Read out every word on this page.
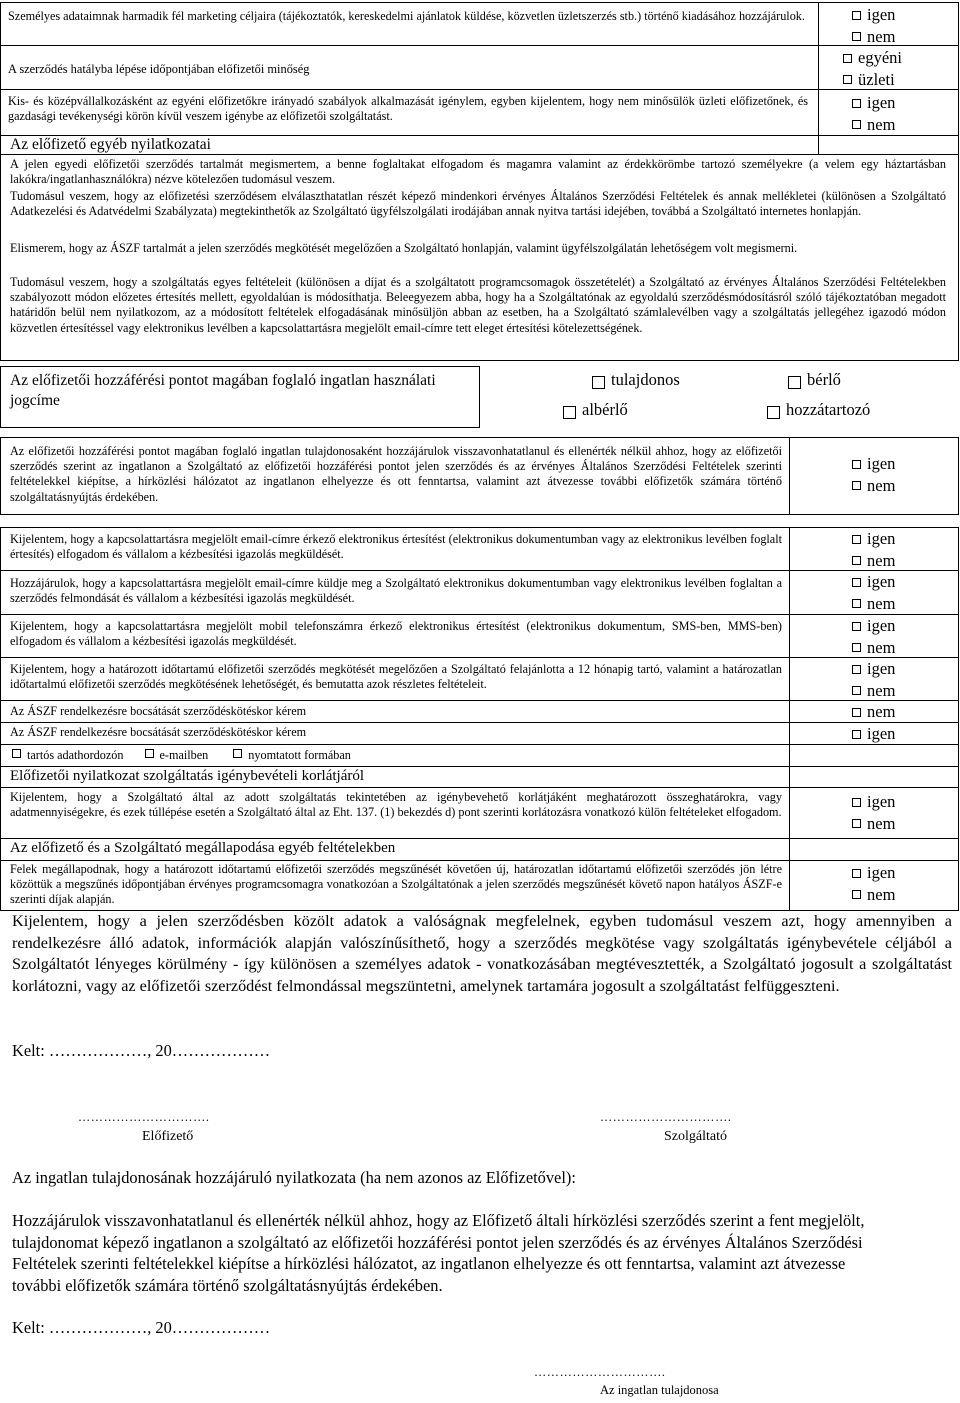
Személyes adataimnak harmadik fél marketing céljaira (tájékoztatók, kereskedelmi ajánlatok küldése, közvetlen üzletszerzés stb.) történő kiadásához hozzájárulok.	igen
nem
A szerződés hatályba lépése időpontjában előfizetői minőség
egyéni
üzleti
Kis- és középvállalkozásként az egyéni előfizetőkre irányadó szabályok alkalmazását igénylem, egyben kijelentem, hogy nem minősülök üzleti előfizetőnek, és gazdasági tevékenységi körön kívül veszem igénybe az előfizetői szolgáltatást.
igen
nem
Az előfizető egyéb nyilatkozatai
A jelen egyedi előfizetői szerződés tartalmát megismertem, a benne foglaltakat elfogadom és magamra valamint az érdekkörömbe tartozó személyekre (a velem egy háztartásban lakókra/ingatlanhasználókra) nézve kötelezően tudomásul veszem.
Tudomásul veszem, hogy az előfizetési szerződésem elválaszthatatlan részét képező mindenkori érvényes Általános Szerződési Feltételek és annak mellékletei (különösen a Szolgáltató Adatkezelési és Adatvédelmi Szabályzata) megtekinthetők az Szolgáltató ügyfélszolgálati irodájában annak nyitva tartási idejében, továbbá a Szolgáltató internetes honlapján.
Elismerem, hogy az ÁSZF tartalmát a jelen szerződés megkötését megelőzően a Szolgáltató honlapján, valamint ügyfélszolgálatán lehetőségem volt megismerni.
Tudomásul veszem, hogy a szolgáltatás egyes feltételeit (különösen a díjat és a szolgáltatott programcsomagok összetételét) a Szolgáltató az érvényes Általános Szerződési Feltételekben szabályozott módon előzetes értesítés mellett, egyoldalúan is módosíthatja. Beleegyezem abba, hogy ha a Szolgáltatónak az egyoldalú szerződésmódosításról szóló tájékoztatóban megadott határidőn belül nem nyilatkozom, az a módosított feltételek elfogadásának minősüljön abban az esetben, ha a Szolgáltató számlalevélben vagy a szolgáltatás jellegéhez igazodó módon közvetlen értesítéssel vagy elektronikus levélben a kapcsolattartásra megjelölt email-címre tett eleget értesítési kötelezettségének.
Az előfizetői hozzáférési pontot magában foglaló ingatlan használati jogcíme
tulajdonos	bérlő
albérlő	hozzátartozó
Az előfizetői hozzáférési pontot magában foglaló ingatlan tulajdonosaként hozzájárulok visszavonhatatlanul és ellenérték nélkül ahhoz, hogy az előfizetői szerződés szerint az ingatlanon a Szolgáltató az előfizetői hozzáférési pontot jelen szerződés és az érvényes Általános Szerződési Feltételek szerinti feltételekkel kiépítse, a hírközlési hálózatot az ingatlanon elhelyezze és ott fenntartsa, valamint azt átvezesse további előfizetők számára történő szolgáltatásnyújtás érdekében.
igen
nem
Kijelentem, hogy a kapcsolattartásra megjelölt email-címre érkező elektronikus értesítést (elektronikus dokumentumban vagy az elektronikus levélben foglalt értesítés) elfogadom és vállalom a kézbesítési igazolás megküldését.
igen
nem
Hozzájárulok, hogy a kapcsolattartásra megjelölt email-címre küldje meg a Szolgáltató elektronikus dokumentumban vagy elektronikus levélben foglaltan a szerződés felmondását és vállalom a kézbesítési igazolás megküldését.
igen
nem
Kijelentem, hogy a kapcsolattartásra megjelölt mobil telefonszámra érkező elektronikus értesítést (elektronikus dokumentum, SMS-ben, MMS-ben) elfogadom és vállalom a kézbesítési igazolás megküldését.
igen
nem
Kijelentem, hogy a határozott időtartamú előfizetői szerződés megkötését megelőzően a Szolgáltató felajánlotta a 12 hónapig tartó, valamint a határozatlan időtartalmú előfizetői szerződés megkötésének lehetőségét, és bemutatta azok részletes feltételeit.
igen
nem
Az ÁSZF rendelkezésre bocsátását szerződéskötéskor kérem	nem
Az ÁSZF rendelkezésre bocsátását szerződéskötéskor kérem	igen
tartós adathordozón	e-mailben	nyomtatott formában
Előfizetői nyilatkozat szolgáltatás igénybevételi korlátjáról
Kijelentem, hogy a Szolgáltató által az adott szolgáltatás tekintetében az igénybevehető korlátjáként meghatározott összeghatárokra, vagy adatmennyiségekre, és ezek túllépése esetén a Szolgáltató által az Eht. 137. (1) bekezdés d) pont szerinti korlátozásra vonatkozó külön feltételeket elfogadom.
igen
nem
Az előfizető és a Szolgáltató megállapodása egyéb feltételekben
Felek megállapodnak, hogy a határozott időtartamú előfizetői szerződés megszűnését követően új, határozatlan időtartamú előfizetői szerződés jön létre közöttük a megszűnés időpontjában érvényes programcsomagra vonatkozóan a Szolgáltatónak a jelen szerződés megszűnését követő napon hatályos ÁSZF-e szerinti díjak alapján.
igen
nem
Kijelentem, hogy a jelen szerződésben közölt adatok a valóságnak megfelelnek, egyben tudomásul veszem azt, hogy amennyiben a rendelkezésre álló adatok, információk alapján valószínűsíthető, hogy a szerződés megkötése vagy szolgáltatás igénybevétele céljából a Szolgáltatót lényeges körülmény - így különösen a személyes adatok - vonatkozásában megtévesztették, a Szolgáltató jogosult a szolgáltatást korlátozni, vagy az előfizetői szerződést felmondással megszüntetni, amelynek tartamára jogosult a szolgáltatást felfüggeszteni.
Kelt: ………………, 20………………
………………………….
Előfizető
………………………….
Szolgáltató
Az ingatlan tulajdonosának hozzájáruló nyilatkozata (ha nem azonos az Előfizetővel):
Hozzájárulok visszavonhatatlanul és ellenérték nélkül ahhoz, hogy az Előfizető általi hírközlési szerződés szerint a fent megjelölt, tulajdonomat képező ingatlanon a szolgáltató az előfizetői hozzáférési pontot jelen szerződés és az érvényes Általános Szerződési Feltételek szerinti feltételekkel kiépítse a hírközlési hálózatot, az ingatlanon elhelyezze és ott fenntartsa, valamint azt átvezesse további előfizetők számára történő szolgáltatásnyújtás érdekében.
Kelt: ………………, 20………………
………………………….
Az ingatlan tulajdonosa
